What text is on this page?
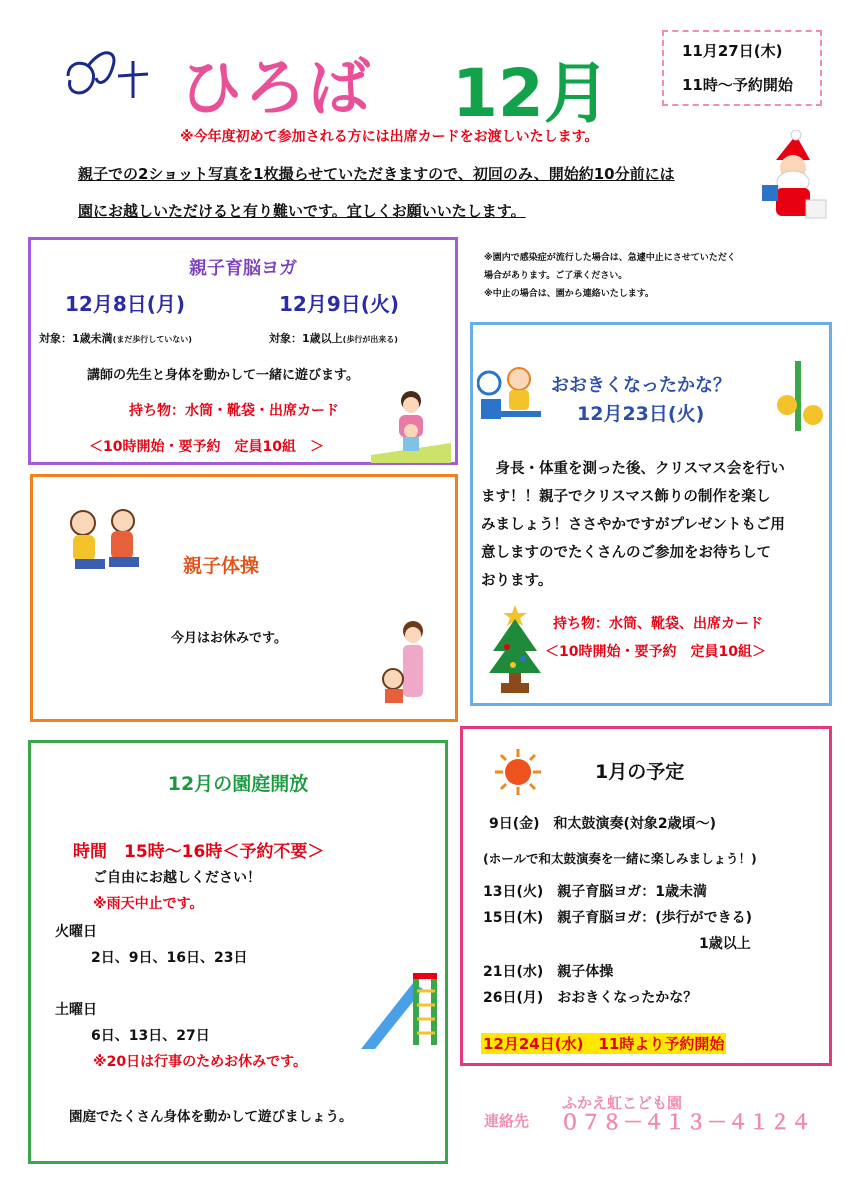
ひろば 12月
11月27日(木)
11時～予約開始
※今年度初めて参加される方には出席カードをお渡しいたします。
親子での2ショット写真を1枚撮らせていただきますので、初回のみ、開始約10分前には
園にお越しいただけると有り難いです。宜しくお願いいたします。
親子育脳ヨガ
12月8日(月)	12月9日(火)
対象：1歳未満(まだ歩行していない)	対象：1歳以上(歩行が出来る)
講師の先生と身体を動かして一緒に遊びます。
持ち物：水筒・靴袋・出席カード
＜10時開始・要予約　定員10組　＞
※園内で感染症が流行した場合は、急遽中止にさせていただく
場合があります。ご了承ください。
※中止の場合は、園から連絡いたします。
親子体操
今月はお休みです。
おおきくなったかな？
12月23日(火)
　身長・体重を測った後、クリスマス会を行い
ます！！親子でクリスマス飾りの制作を楽し
みましょう！ささやかですがプレゼントもご用
意しますのでたくさんのご参加をお待ちして
おります。
持ち物：水筒、靴袋、出席カード
＜10時開始・要予約　定員10組＞
12月の園庭開放
時間　15時～16時＜予約不要＞
ご自由にお越しください！
※雨天中止です。
火曜日
2日、9日、16日、23日
土曜日
6日、13日、27日
※20日は行事のためお休みです。
園庭でたくさん身体を動かして遊びましょう。
1月の予定
9日(金)　和太鼓演奏(対象2歳頃～)
(ホールで和太鼓演奏を一緒に楽しみましょう！)
13日(火)　親子育脳ヨガ：1歳未満
15日(木)　親子育脳ヨガ：(歩行ができる)
1歳以上
21日(水)　親子体操
26日(月)　おおきくなったかな？
12月24日(水)　11時より予約開始
ふかえ虹こども園
連絡先 ０７８－４１３－４１２４
